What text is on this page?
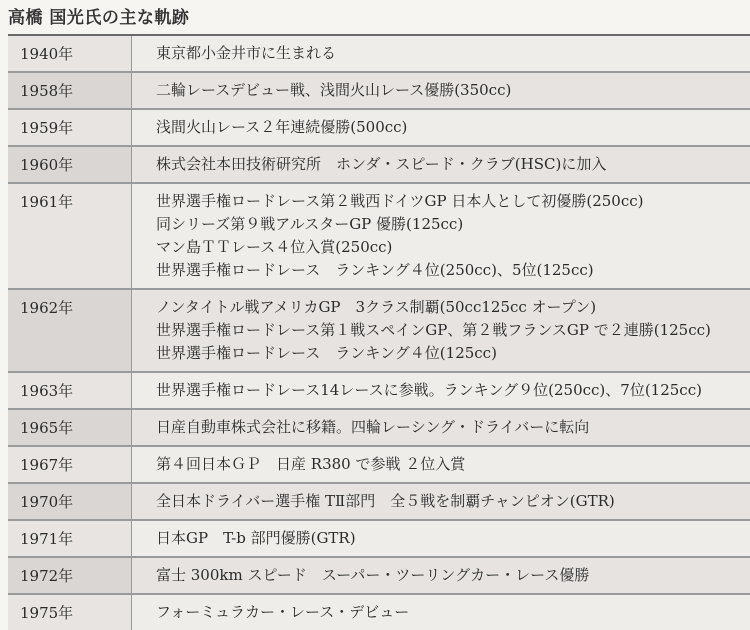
高橋 国光氏の主な軌跡
1940年	東京都小金井市に生まれる
1958年	二輪レースデビュー戦、浅間火山レース優勝(350cc)
1959年	浅間火山レース２年連続優勝(500cc)
1960年	株式会社本田技術研究所　ホンダ・スピード・クラブ(HSC)に加入
1961年	世界選手権ロードレース第２戦西ドイツGP 日本人として初優勝(250cc)
同シリーズ第９戦アルスターGP 優勝(125cc)
マン島ＴＴレース４位入賞(250cc)
世界選手権ロードレース　ランキング４位(250cc)、5位(125cc)
1962年	ノンタイトル戦アメリカGP　3クラス制覇(50cc125cc オープン)
世界選手権ロードレース第１戦スペインGP、第２戦フランスGP で２連勝(125cc)
世界選手権ロードレース　ランキング４位(125cc)
1963年	世界選手権ロードレース14レースに参戦。ランキング９位(250cc)、7位(125cc)
1965年	日産自動車株式会社に移籍。四輪レーシング・ドライバーに転向
1967年	第４回日本ＧＰ　日産 R380 で参戦 ２位入賞
1970年	全日本ドライバー選手権 TⅡ部門　全５戦を制覇チャンピオン(GTR)
1971年	日本GP　T-b 部門優勝(GTR)
1972年	富士 300km スピード　スーパー・ツーリングカー・レース優勝
1975年	フォーミュラカー・レース・デビュー
